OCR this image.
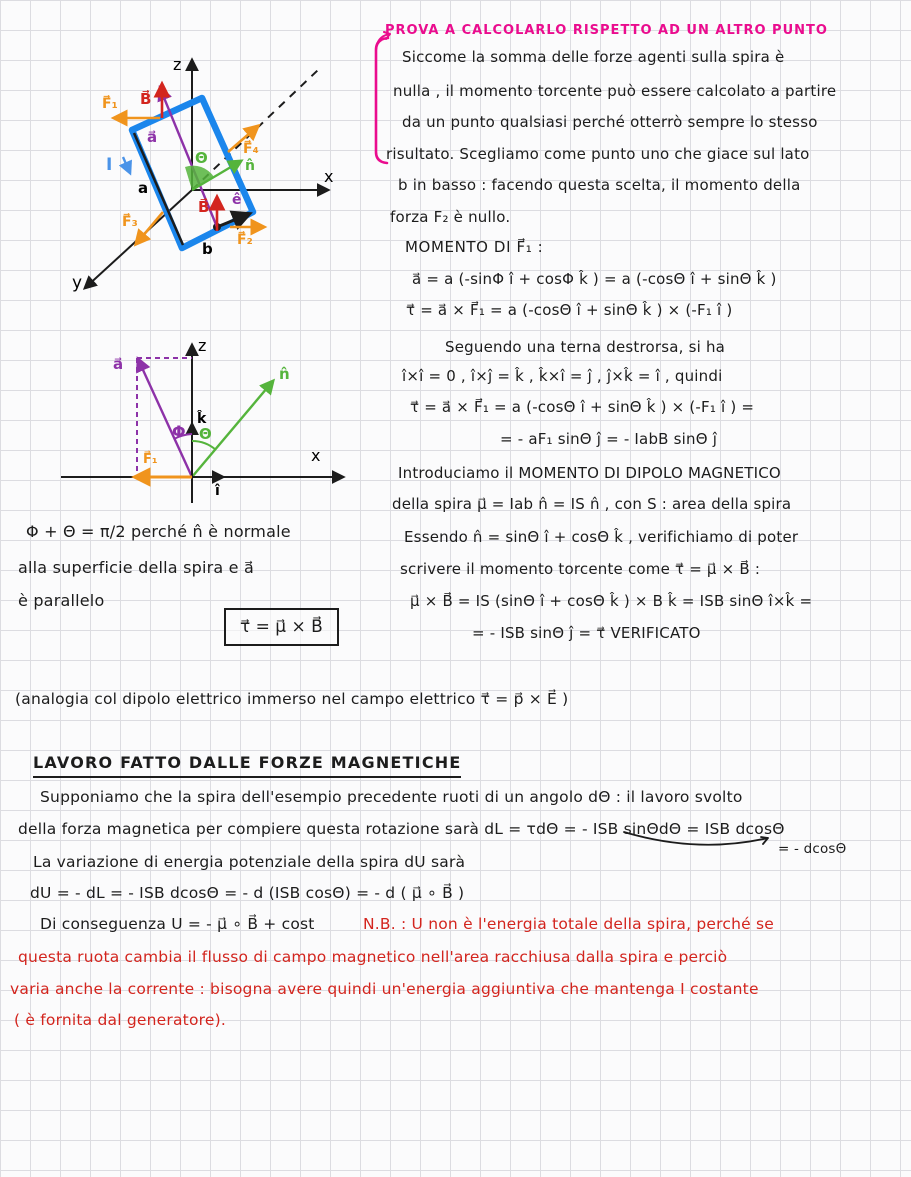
z
x
y
F⃗₁ B⃗
a⃗
Θ	n̂
F⃗₄
I
a
B⃗ ê
F⃗₃
F⃗₂
b
z
x
a⃗
n̂
k̂
î
Φ Θ
F⃗₁
PROVA A CALCOLARLO RISPETTO AD UN ALTRO PUNTO
Siccome la somma delle forze agenti sulla spira è
nulla , il momento torcente può essere calcolato a partire
da un punto qualsiasi perché otterrò sempre lo stesso
risultato. Scegliamo come punto uno che giace sul lato
b in basso : facendo questa scelta, il momento della
forza F₂ è nullo.
MOMENTO DI F⃗₁ :
a⃗ = a (-sinΦ î + cosΦ k̂ ) = a (-cosΘ î + sinΘ k̂ )
τ⃗ = a⃗ × F⃗₁ = a (-cosΘ î + sinΘ k̂ ) × (-F₁ î )
Seguendo una terna destrorsa, si ha
î×î = 0 , î×ĵ = k̂ , k̂×î = ĵ , ĵ×k̂ = î , quindi
τ⃗ = a⃗ × F⃗₁ = a (-cosΘ î + sinΘ k̂ ) × (-F₁ î ) =
= - aF₁ sinΘ ĵ = - IabB sinΘ ĵ
Introduciamo il MOMENTO DI DIPOLO MAGNETICO
della spira μ⃗ = Iab n̂ = IS n̂ , con S : area della spira
Essendo n̂ = sinΘ î + cosΘ k̂ , verifichiamo di poter
scrivere il momento torcente come τ⃗ = μ⃗ × B⃗ :
μ⃗ × B⃗ = IS (sinΘ î + cosΘ k̂ ) × B k̂ = ISB sinΘ î×k̂ =
= - ISB sinΘ ĵ = τ⃗ VERIFICATO
Φ + Θ = π/2 perché n̂ è normale
alla superficie della spira e a⃗
è parallelo
τ⃗ = μ⃗ × B⃗
(analogia col dipolo elettrico immerso nel campo elettrico τ⃗ = p⃗ × E⃗ )
LAVORO FATTO DALLE FORZE MAGNETICHE
Supponiamo che la spira dell'esempio precedente ruoti di un angolo dΘ : il lavoro svolto
della forza magnetica per compiere questa rotazione sarà dL = τdΘ = - ISB sinΘdΘ = ISB dcosΘ
= - dcosΘ
La variazione di energia potenziale della spira dU sarà
dU = - dL = - ISB dcosΘ = - d (ISB cosΘ) = - d ( μ⃗ ∘ B⃗ )
Di conseguenza U = - μ⃗ ∘ B⃗ + cost	N.B. : U non è l'energia totale della spira, perché se
questa ruota cambia il flusso di campo magnetico nell'area racchiusa dalla spira e perciò
varia anche la corrente : bisogna avere quindi un'energia aggiuntiva che mantenga I costante
( è fornita dal generatore).
